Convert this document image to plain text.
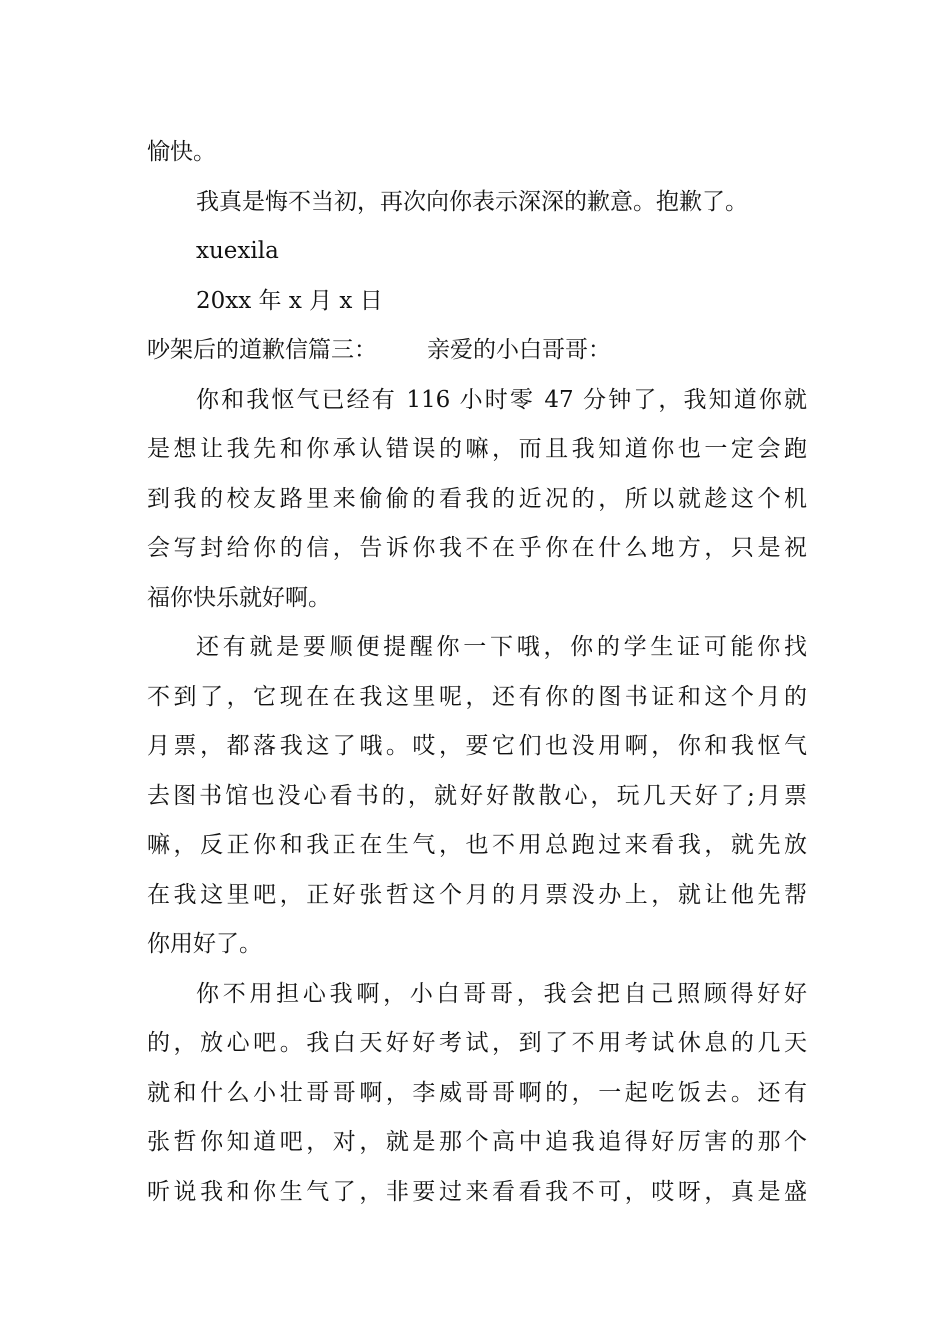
愉快。
我真是悔不当初，再次向你表示深深的歉意。抱歉了。
xuexila
20xx 年 x 月 x 日
吵架后的道歉信篇三： 亲爱的小白哥哥：
你和我怄气已经有 116 小时零 47 分钟了，我知道你就
是想让我先和你承认错误的嘛，而且我知道你也一定会跑
到我的校友路里来偷偷的看我的近况的，所以就趁这个机
会写封给你的信，告诉你我不在乎你在什么地方，只是祝
福你快乐就好啊。
还有就是要顺便提醒你一下哦，你的学生证可能你找
不到了，它现在在我这里呢，还有你的图书证和这个月的
月票，都落我这了哦。哎，要它们也没用啊，你和我怄气
去图书馆也没心看书的，就好好散散心，玩几天好了;月票
嘛，反正你和我正在生气，也不用总跑过来看我，就先放
在我这里吧，正好张哲这个月的月票没办上，就让他先帮
你用好了。
你不用担心我啊，小白哥哥，我会把自己照顾得好好
的，放心吧。我白天好好考试，到了不用考试休息的几天
就和什么小壮哥哥啊，李威哥哥啊的，一起吃饭去。还有
张哲你知道吧，对，就是那个高中追我追得好厉害的那个
听说我和你生气了，非要过来看看我不可，哎呀，真是盛
